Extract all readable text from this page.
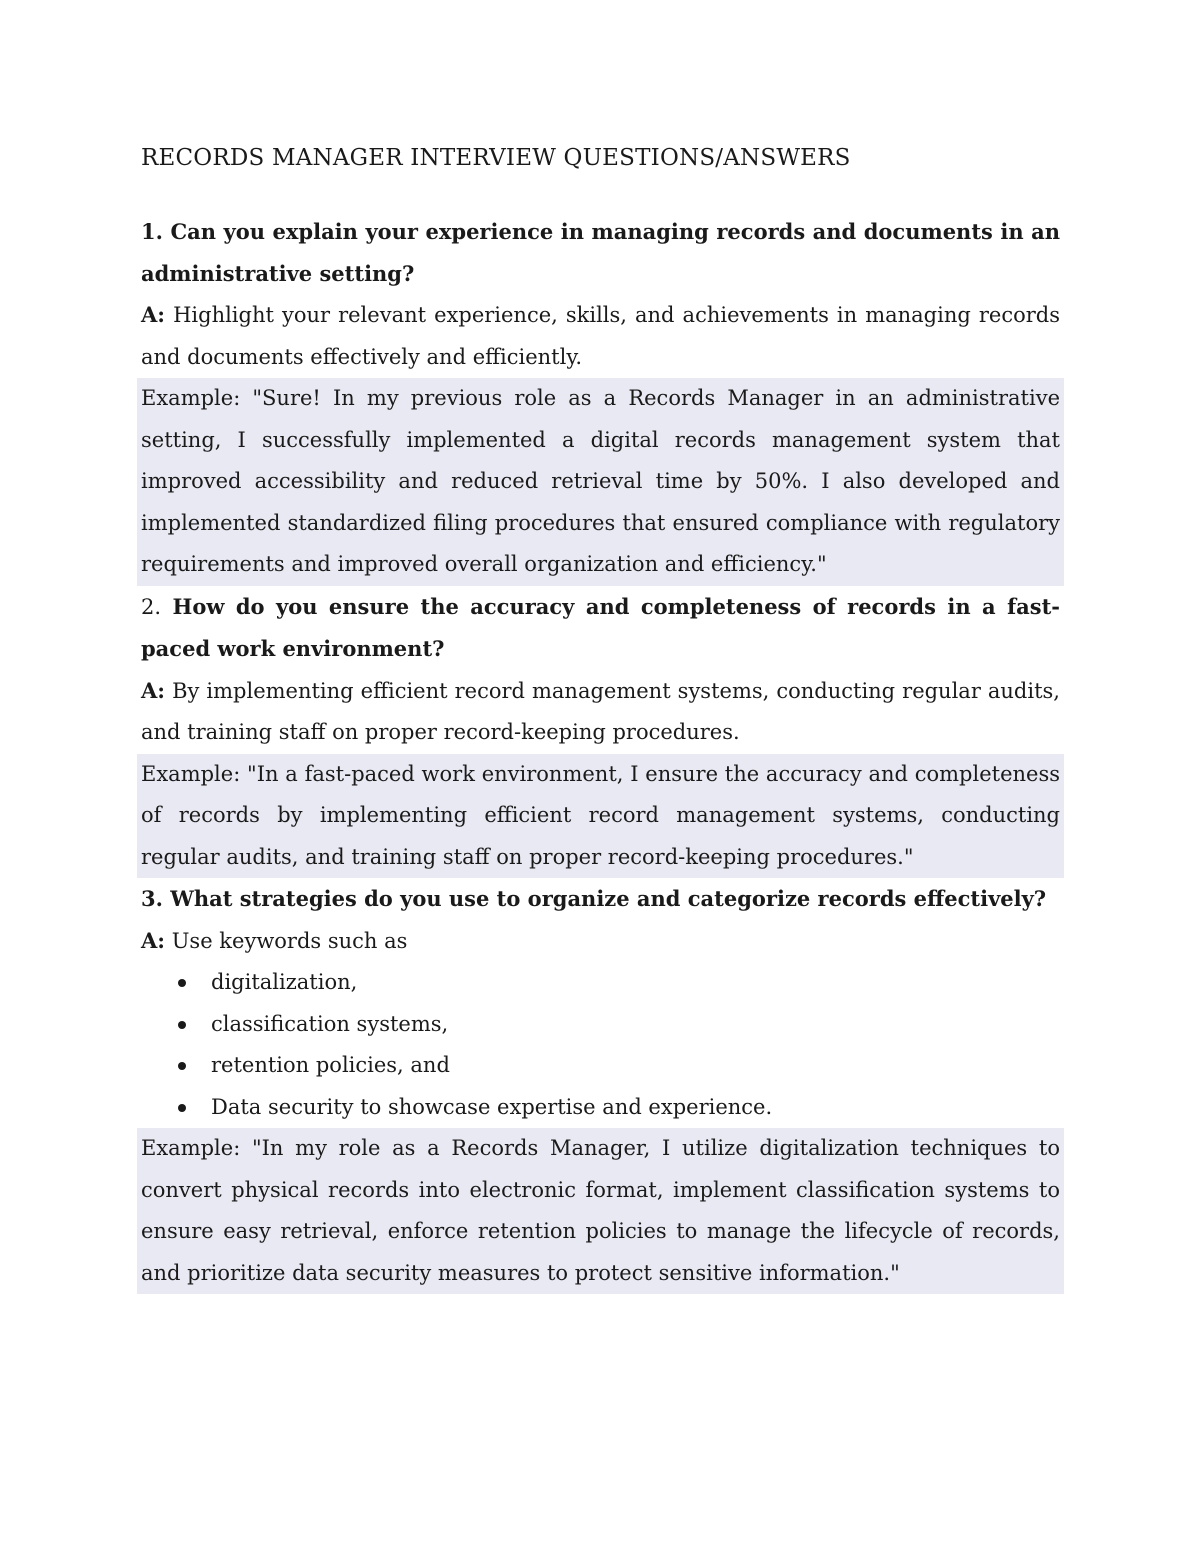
RECORDS MANAGER INTERVIEW QUESTIONS/ANSWERS

1. Can you explain your experience in managing records and documents in an administrative setting?

A: Highlight your relevant experience, skills, and achievements in managing records and documents effectively and efficiently.

Example: "Sure! In my previous role as a Records Manager in an administrative setting, I successfully implemented a digital records management system that improved accessibility and reduced retrieval time by 50%. I also developed and implemented standardized filing procedures that ensured compliance with regulatory requirements and improved overall organization and efficiency."

2. How do you ensure the accuracy and completeness of records in a fast-paced work environment?

A: By implementing efficient record management systems, conducting regular audits, and training staff on proper record-keeping procedures.

Example: "In a fast-paced work environment, I ensure the accuracy and completeness of records by implementing efficient record management systems, conducting regular audits, and training staff on proper record-keeping procedures."

3. What strategies do you use to organize and categorize records effectively?

A: Use keywords such as

digitalization,
classification systems,
retention policies, and
Data security to showcase expertise and experience.

Example: "In my role as a Records Manager, I utilize digitalization techniques to convert physical records into electronic format, implement classification systems to ensure easy retrieval, enforce retention policies to manage the lifecycle of records, and prioritize data security measures to protect sensitive information."
